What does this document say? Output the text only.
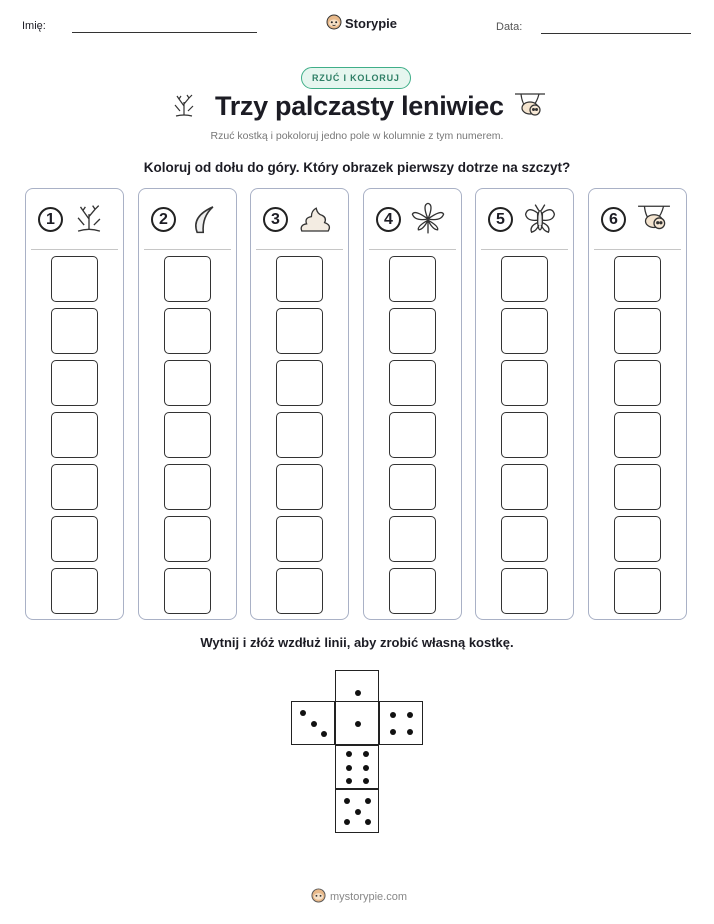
Imię:	Storypie	Data:
RZUĆ I KOLORUJ
Trzy palczasty leniwiec
Rzuć kostką i pokoloruj jedno pole w kolumnie z tym numerem.
Koloruj od dołu do góry. Który obrazek pierwszy dotrze na szczyt?
1	2	3	4	5	6
Wytnij i złóż wzdłuż linii, aby zrobić własną kostkę.
mystorypie.com
